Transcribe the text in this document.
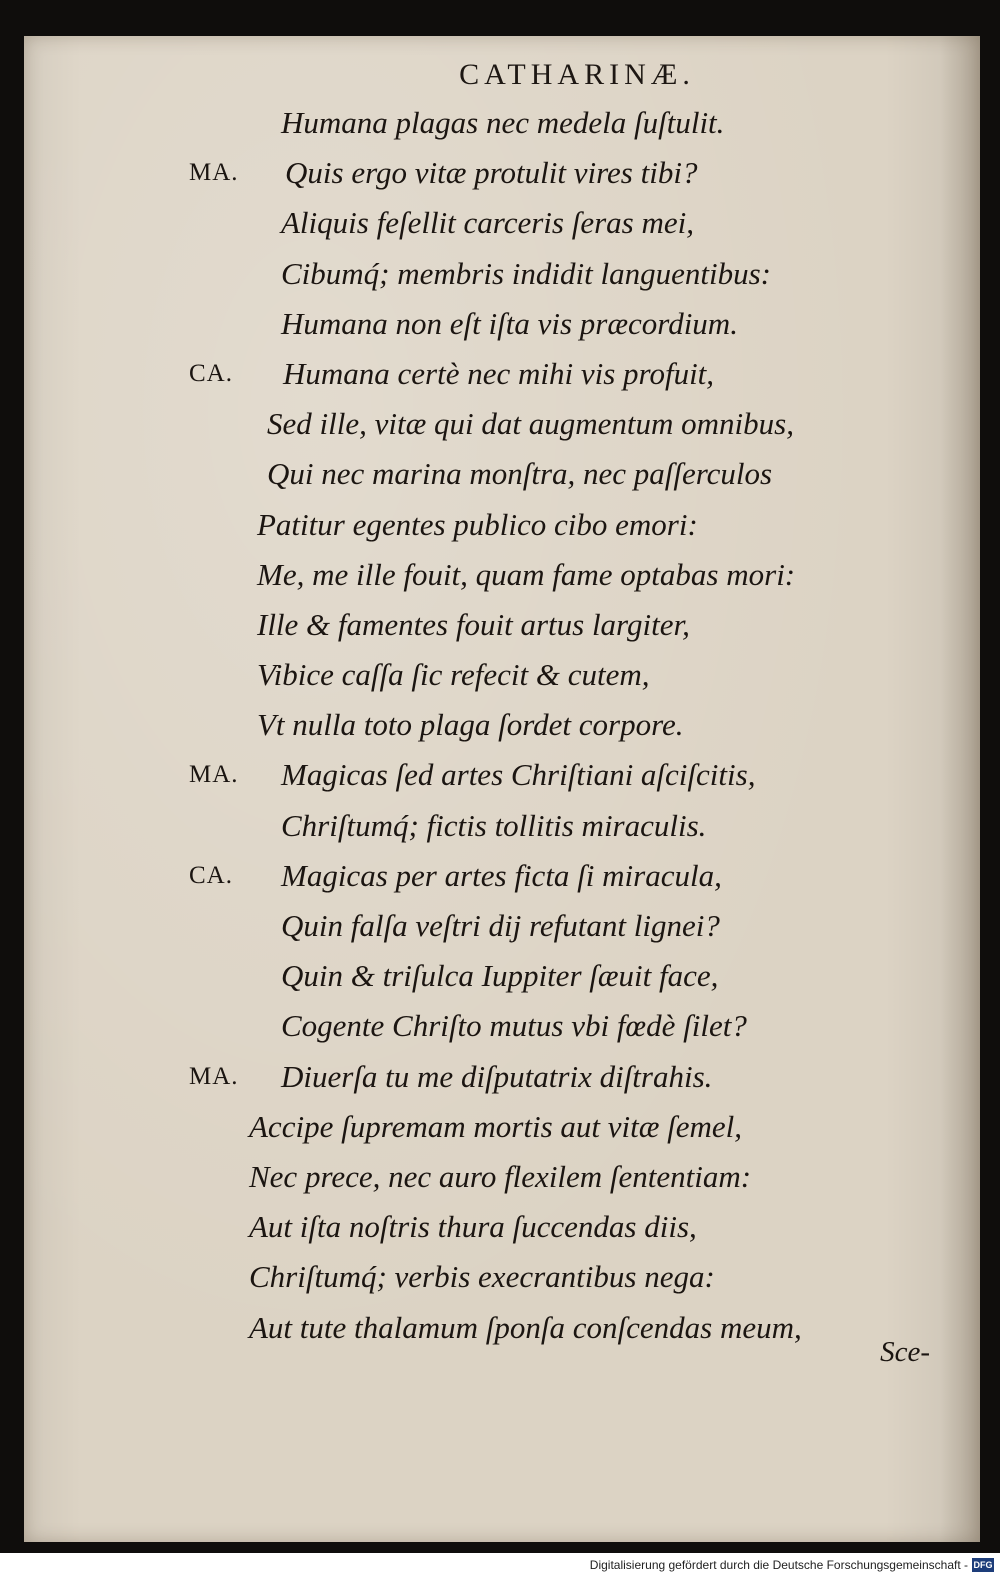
CATHARINÆ.
Humana plagas nec medela ſuſtulit.
MA. Quis ergo vitæ protulit vires tibi?
Aliquis feſellit carceris ſeras mei,
Cibumq́; membris indidit languentibus:
Humana non eſt iſta vis præcordium.
CA. Humana certè nec mihi vis profuit,
Sed ille, vitæ qui dat augmentum omnibus,
Qui nec marina monſtra, nec paſſerculos
Patitur egentes publico cibo emori:
Me, me ille fouit, quam fame optabas mori:
Ille & famentes fouit artus largiter,
Vibice caſſa ſic refecit & cutem,
Vt nulla toto plaga ſordet corpore.
MA. Magicas ſed artes Chriſtiani aſciſcitis,
Chriſtumq́; fictis tollitis miraculis.
CA. Magicas per artes ficta ſi miracula,
Quin falſa veſtri dij refutant lignei?
Quin & triſulca Iuppiter ſæuit face,
Cogente Chriſto mutus vbi fœdè ſilet?
MA. Diuerſa tu me diſputatrix diſtrahis.
Accipe ſupremam mortis aut vitæ ſemel,
Nec prece, nec auro flexilem ſententiam:
Aut iſta noſtris thura ſuccendas diis,
Chriſtumq́; verbis execrantibus nega:
Aut tute thalamum ſponſa conſcendas meum,
Sce-
Digitalisierung gefördert durch die Deutsche Forschungsgemeinschaft - DFG
